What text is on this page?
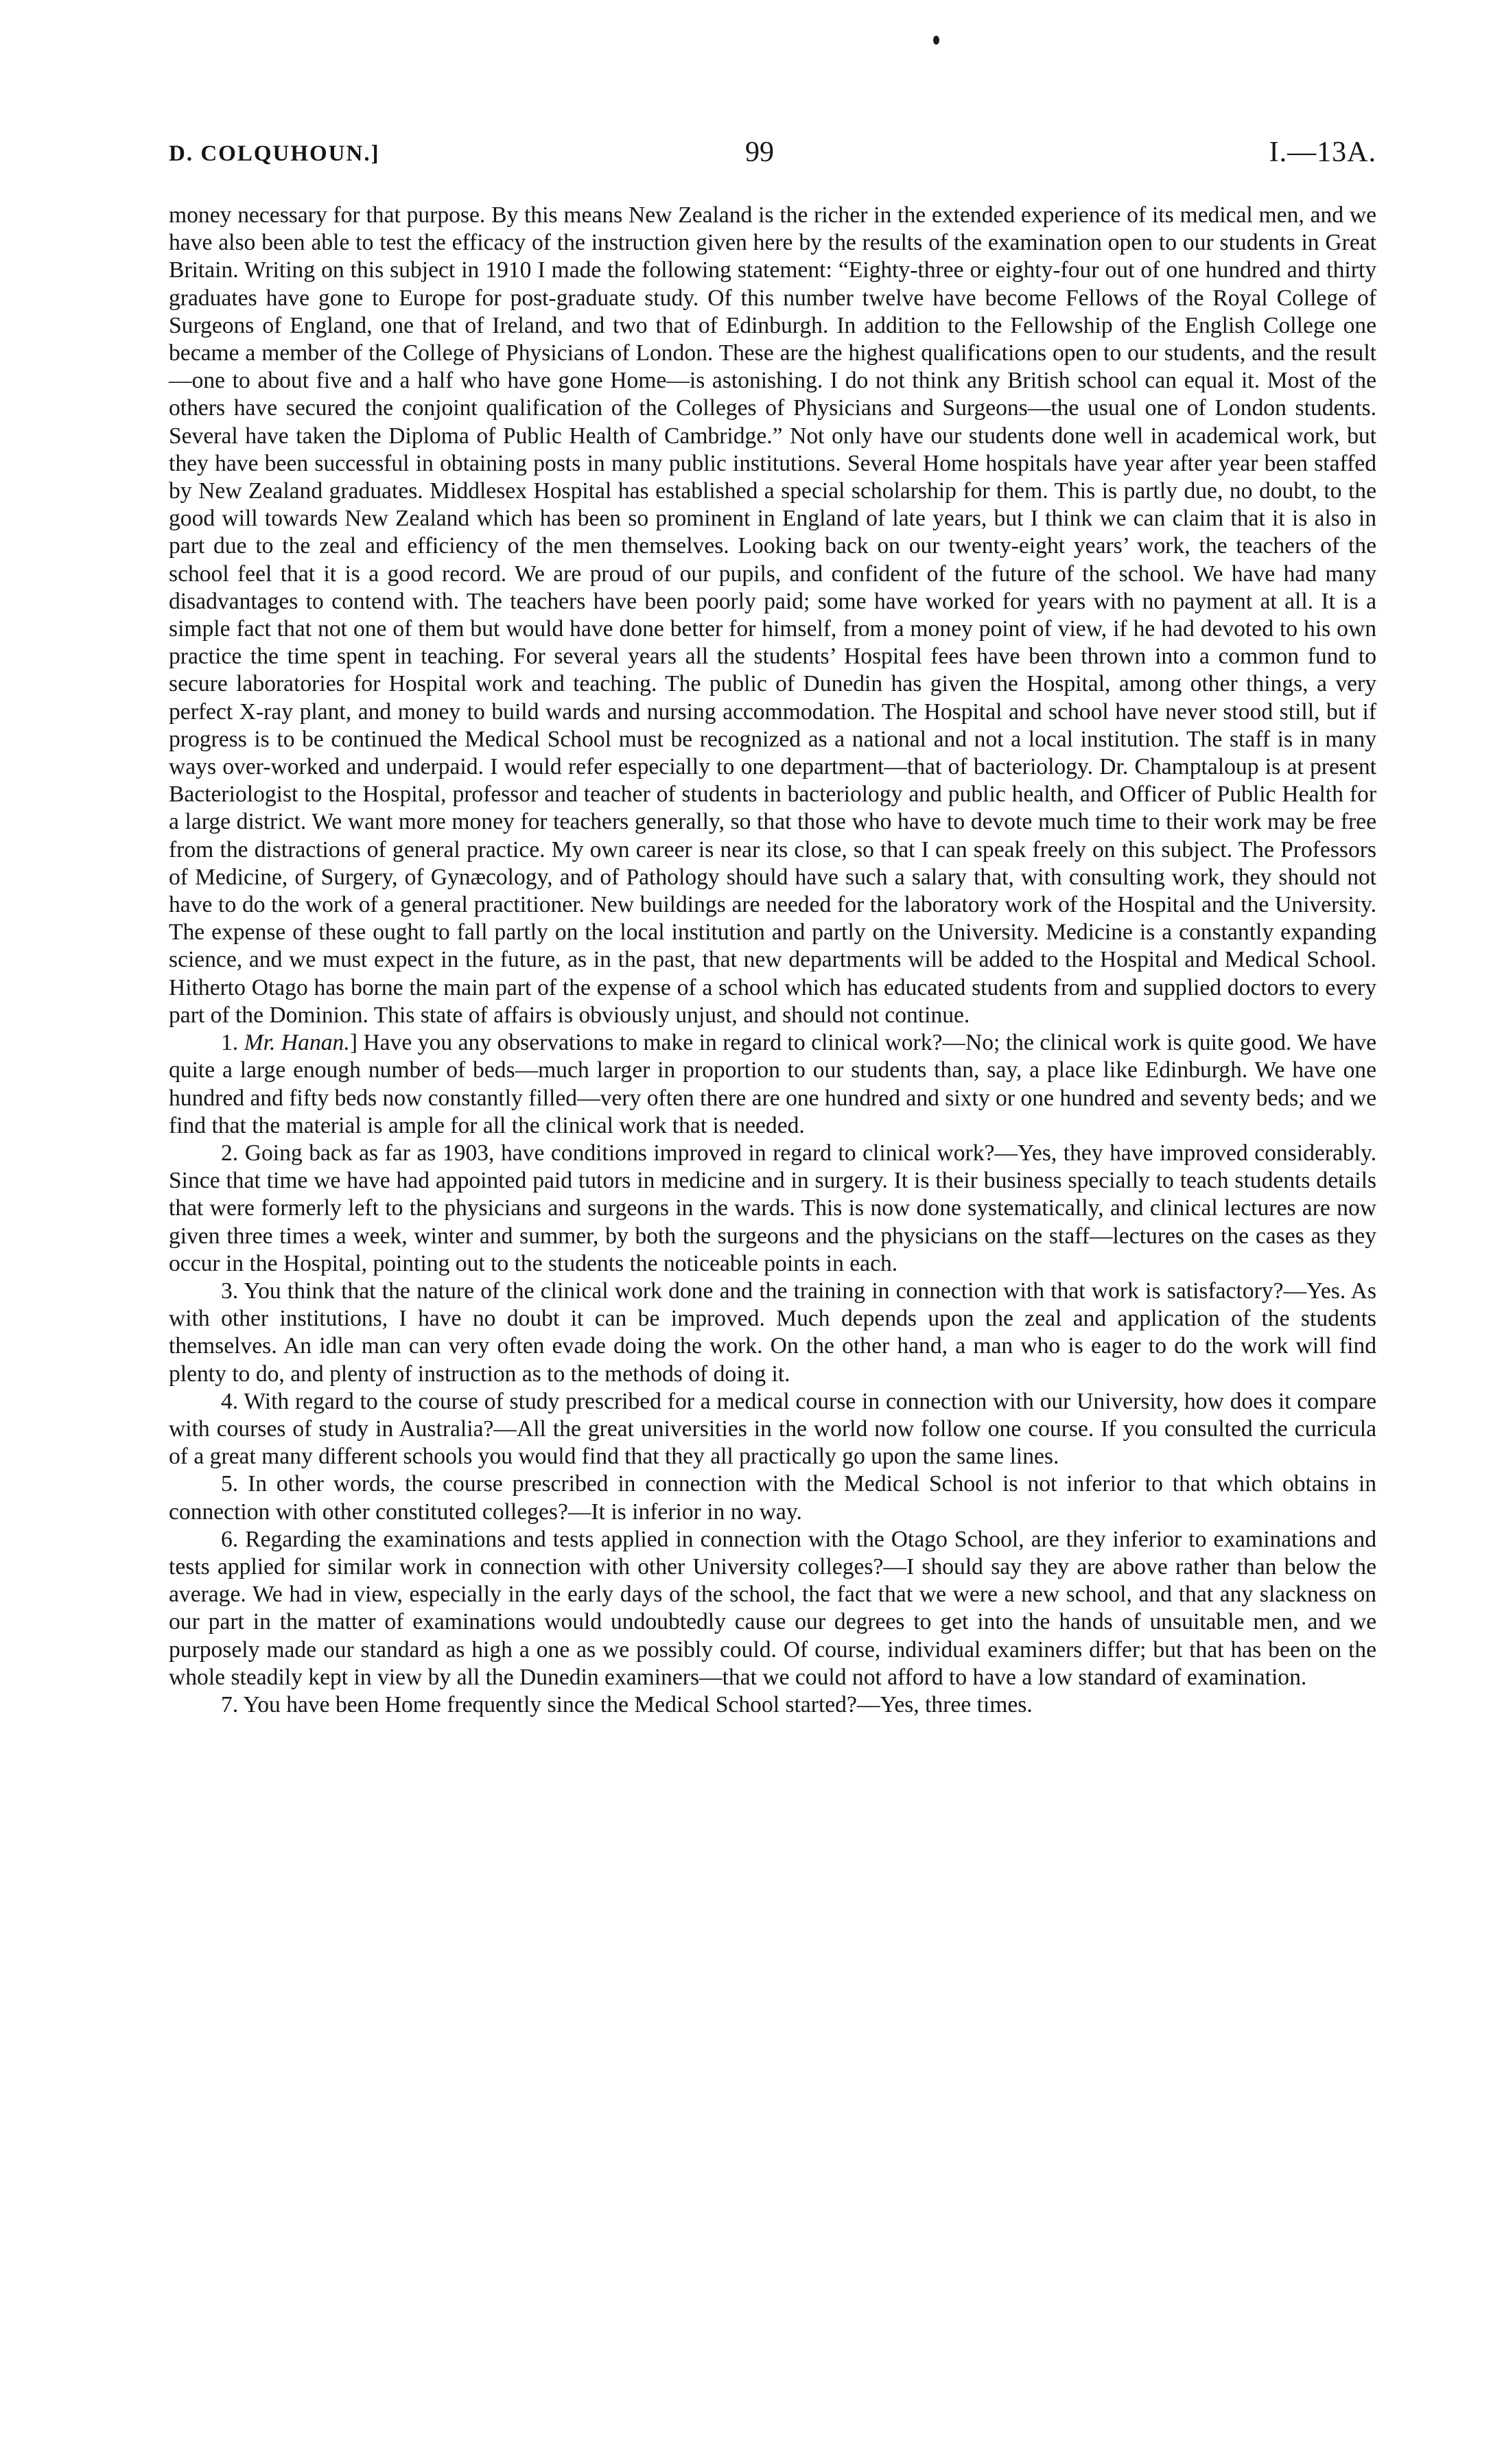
D. COLQUHOUN.]	99	I.—13A.

money necessary for that purpose. By this means New Zealand is the richer in the extended experience of its medical men, and we have also been able to test the efficacy of the instruction given here by the results of the examination open to our students in Great Britain. Writing on this subject in 1910 I made the following statement: “Eighty-three or eighty-four out of one hundred and thirty graduates have gone to Europe for post-graduate study. Of this number twelve have become Fellows of the Royal College of Surgeons of England, one that of Ireland, and two that of Edinburgh. In addition to the Fellowship of the English College one became a member of the College of Physicians of London. These are the highest qualifications open to our students, and the result—one to about five and a half who have gone Home—is astonishing. I do not think any British school can equal it. Most of the others have secured the conjoint qualification of the Colleges of Physicians and Surgeons—the usual one of London students. Several have taken the Diploma of Public Health of Cambridge.” Not only have our students done well in academical work, but they have been successful in obtaining posts in many public institutions. Several Home hospitals have year after year been staffed by New Zealand graduates. Middlesex Hospital has established a special scholarship for them. This is partly due, no doubt, to the good will towards New Zealand which has been so prominent in England of late years, but I think we can claim that it is also in part due to the zeal and efficiency of the men themselves. Looking back on our twenty-eight years’ work, the teachers of the school feel that it is a good record. We are proud of our pupils, and confident of the future of the school. We have had many disadvantages to contend with. The teachers have been poorly paid; some have worked for years with no payment at all. It is a simple fact that not one of them but would have done better for himself, from a money point of view, if he had devoted to his own practice the time spent in teaching. For several years all the students’ Hospital fees have been thrown into a common fund to secure laboratories for Hospital work and teaching. The public of Dunedin has given the Hospital, among other things, a very perfect X-ray plant, and money to build wards and nursing accommodation. The Hospital and school have never stood still, but if progress is to be continued the Medical School must be recognized as a national and not a local institution. The staff is in many ways over-worked and underpaid. I would refer especially to one department—that of bacteriology. Dr. Champtaloup is at present Bacteriologist to the Hospital, professor and teacher of students in bacteriology and public health, and Officer of Public Health for a large district. We want more money for teachers generally, so that those who have to devote much time to their work may be free from the distractions of general practice. My own career is near its close, so that I can speak freely on this subject. The Professors of Medicine, of Surgery, of Gynæcology, and of Pathology should have such a salary that, with consulting work, they should not have to do the work of a general practitioner. New buildings are needed for the laboratory work of the Hospital and the University. The expense of these ought to fall partly on the local institution and partly on the University. Medicine is a constantly expanding science, and we must expect in the future, as in the past, that new departments will be added to the Hospital and Medical School. Hitherto Otago has borne the main part of the expense of a school which has educated students from and supplied doctors to every part of the Dominion. This state of affairs is obviously unjust, and should not continue.

1. Mr. Hanan.] Have you any observations to make in regard to clinical work?—No; the clinical work is quite good. We have quite a large enough number of beds—much larger in proportion to our students than, say, a place like Edinburgh. We have one hundred and fifty beds now constantly filled—very often there are one hundred and sixty or one hundred and seventy beds; and we find that the material is ample for all the clinical work that is needed.

2. Going back as far as 1903, have conditions improved in regard to clinical work?—Yes, they have improved considerably. Since that time we have had appointed paid tutors in medicine and in surgery. It is their business specially to teach students details that were formerly left to the physicians and surgeons in the wards. This is now done systematically, and clinical lectures are now given three times a week, winter and summer, by both the surgeons and the physicians on the staff—lectures on the cases as they occur in the Hospital, pointing out to the students the noticeable points in each.

3. You think that the nature of the clinical work done and the training in connection with that work is satisfactory?—Yes. As with other institutions, I have no doubt it can be improved. Much depends upon the zeal and application of the students themselves. An idle man can very often evade doing the work. On the other hand, a man who is eager to do the work will find plenty to do, and plenty of instruction as to the methods of doing it.

4. With regard to the course of study prescribed for a medical course in connection with our University, how does it compare with courses of study in Australia?—All the great universities in the world now follow one course. If you consulted the curricula of a great many different schools you would find that they all practically go upon the same lines.

5. In other words, the course prescribed in connection with the Medical School is not inferior to that which obtains in connection with other constituted colleges?—It is inferior in no way.

6. Regarding the examinations and tests applied in connection with the Otago School, are they inferior to examinations and tests applied for similar work in connection with other University colleges?—I should say they are above rather than below the average. We had in view, especially in the early days of the school, the fact that we were a new school, and that any slackness on our part in the matter of examinations would undoubtedly cause our degrees to get into the hands of unsuitable men, and we purposely made our standard as high a one as we possibly could. Of course, individual examiners differ; but that has been on the whole steadily kept in view by all the Dunedin examiners—that we could not afford to have a low standard of examination.

7. You have been Home frequently since the Medical School started?—Yes, three times.
